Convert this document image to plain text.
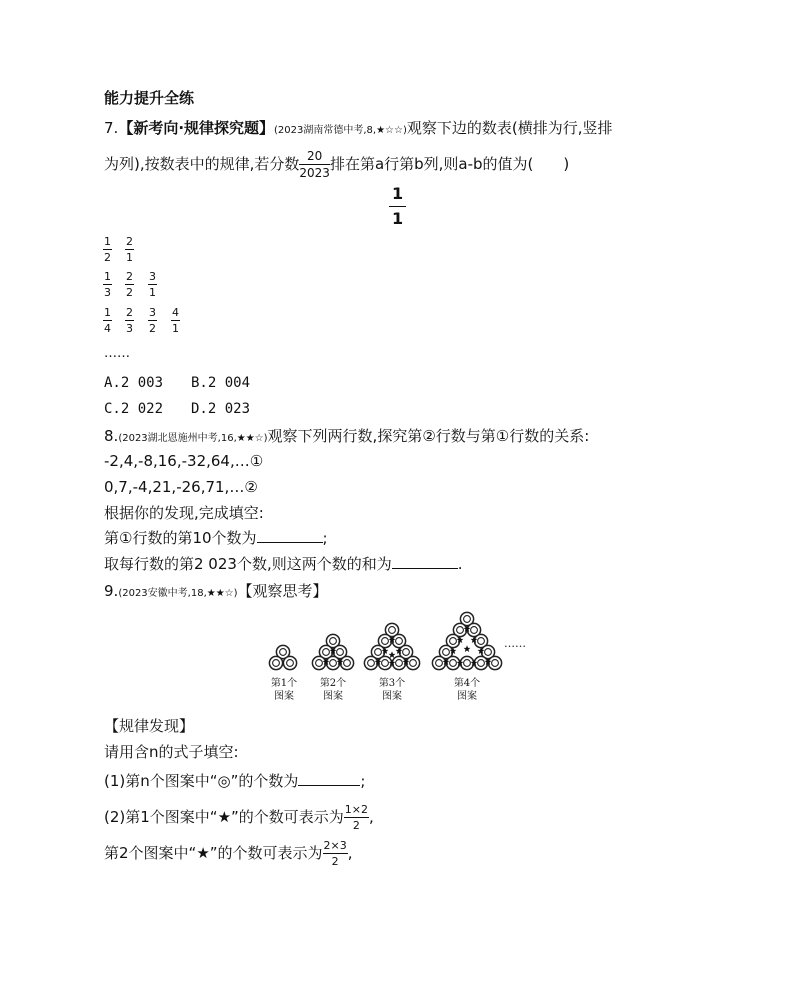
能力提升全练
7.【新考向·规律探究题】(2023湖南常德中考,8,★☆☆)观察下边的数表(横排为行,竖排
为列),按数表中的规律,若分数 $\frac{20}{2023}$ 排在第a行第b列,则a-b的值为(　　)
$\frac{1}{1}$
$\frac{1}{2} \frac{2}{1}$
$\frac{1}{3} \frac{2}{2} \frac{3}{1}$
$\frac{1}{4} \frac{2}{3} \frac{3}{2} \frac{4}{1}$
……
A.2 003　　B.2 004
C.2 022　　D.2 023
8.(2023湖北恩施州中考,16,★★☆)观察下列两行数,探究第②行数与第①行数的关系:
-2,4,-8,16,-32,64,…①
0,7,-4,21,-26,71,…②
根据你的发现,完成填空:
第①行数的第10个数为	;
取每行数的第2 023个数,则这两个数的和为	.
9.(2023安徽中考,18,★★☆)【观察思考】
第1个
图案
第2个
图案
第3个
图案
第4个
图案
……
【规律发现】
请用含n的式子填空:
(1)第n个图案中“◎”的个数为	;
(2)第1个图案中“★”的个数可表示为 $\frac{1\times 2}{2}$ ,
第2个图案中“★”的个数可表示为 $\frac{2\times 3}{2}$ ,
